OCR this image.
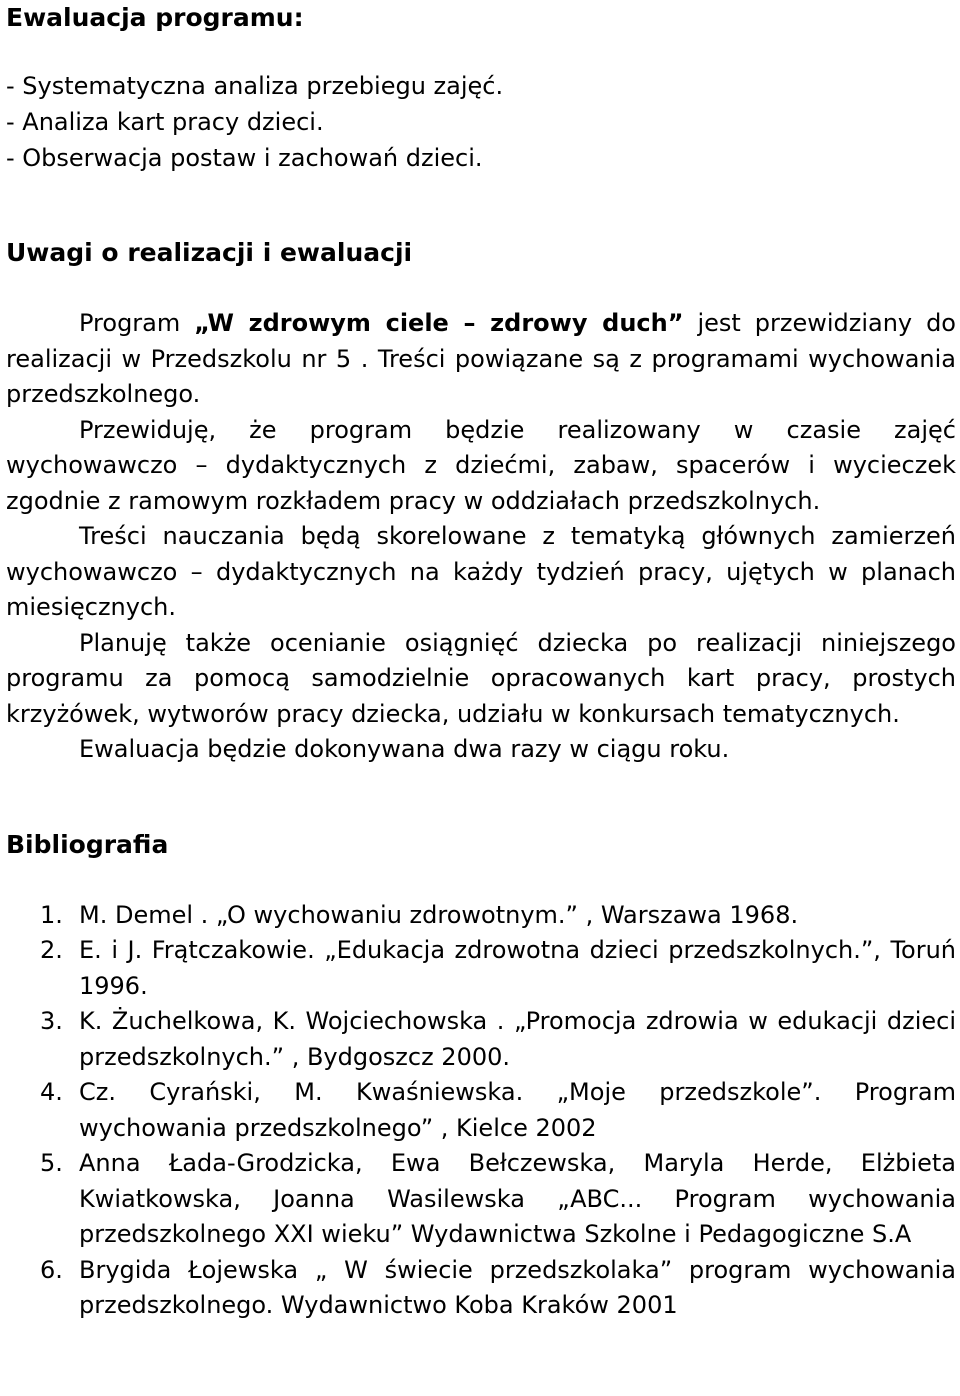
Ewaluacja programu:

- Systematyczna analiza przebiegu zajęć.

- Analiza kart pracy dzieci.

- Obserwacja postaw i zachowań dzieci.

Uwagi o realizacji i ewaluacji

Program „W zdrowym ciele – zdrowy duch” jest przewidziany do realizacji w Przedszkolu nr 5 . Treści powiązane są z programami wychowania przedszkolnego.

Przewiduję, że program będzie realizowany w czasie zajęć wychowawczo – dydaktycznych z dziećmi, zabaw, spacerów i wycieczek zgodnie z ramowym rozkładem pracy w oddziałach przedszkolnych.

Treści nauczania będą skorelowane z tematyką głównych zamierzeń wychowawczo – dydaktycznych na każdy tydzień pracy, ujętych w planach miesięcznych.

Planuję także ocenianie osiągnięć dziecka po realizacji niniejszego programu za pomocą samodzielnie opracowanych kart pracy, prostych krzyżówek, wytworów pracy dziecka, udziału w konkursach tematycznych.

Ewaluacja będzie dokonywana dwa razy w ciągu roku.

Bibliografia
1. M. Demel . „O wychowaniu zdrowotnym.” , Warszawa 1968.
2. E. i J. Frątczakowie. „Edukacja zdrowotna dzieci przedszkolnych.”, Toruń 1996.
3. K. Żuchelkowa, K. Wojciechowska . „Promocja zdrowia w edukacji dzieci przedszkolnych.” , Bydgoszcz 2000.
4. Cz. Cyrański, M. Kwaśniewska. „Moje przedszkole”. Program wychowania przedszkolnego” , Kielce 2002
5. Anna Łada-Grodzicka, Ewa Bełczewska, Maryla Herde, Elżbieta Kwiatkowska, Joanna Wasilewska „ABC... Program wychowania przedszkolnego XXI wieku” Wydawnictwa Szkolne i Pedagogiczne S.A
6. Brygida Łojewska „ W świecie przedszkolaka” program wychowania przedszkolnego. Wydawnictwo Koba Kraków 2001
